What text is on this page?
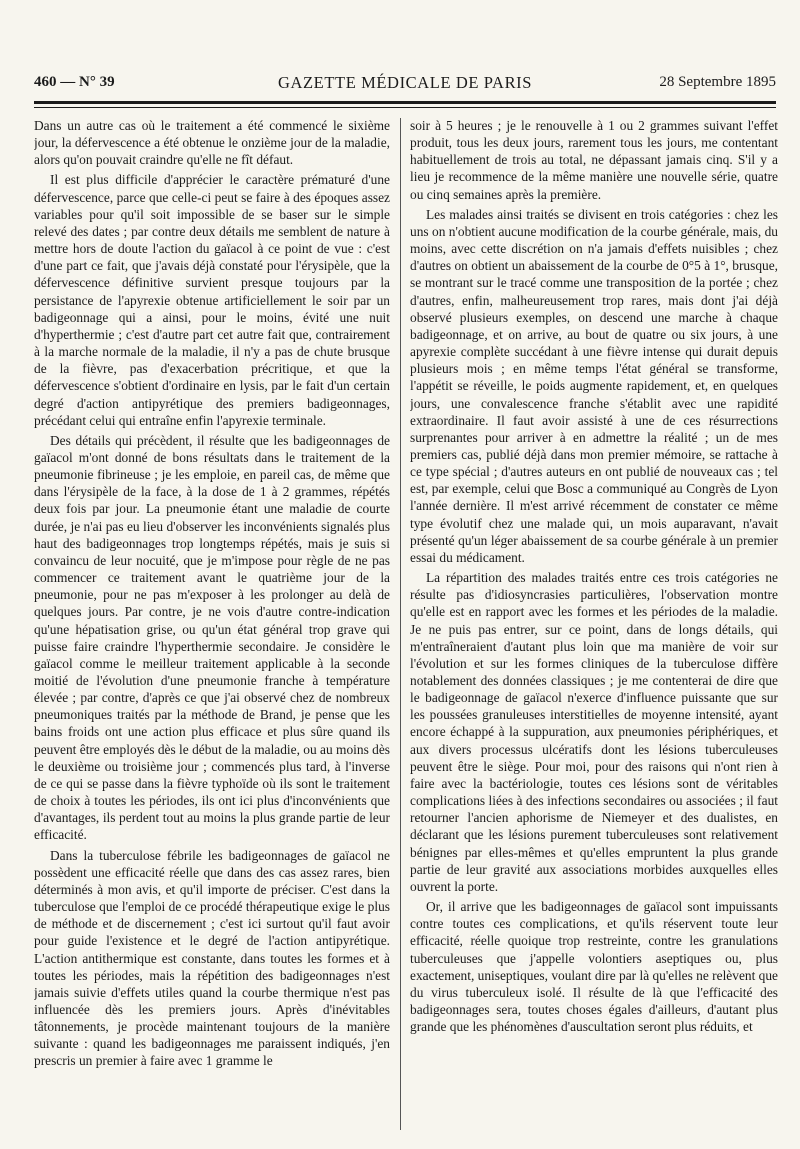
460 — N° 39	GAZETTE MÉDICALE DE PARIS	28 Septembre 1895

Dans un autre cas où le traitement a été commencé le sixième jour, la défervescence a été obtenue le onzième jour de la maladie, alors qu'on pouvait craindre qu'elle ne fît défaut.

Il est plus difficile d'apprécier le caractère prématuré d'une défervescence, parce que celle-ci peut se faire à des époques assez variables pour qu'il soit impossible de se baser sur le simple relevé des dates ; par contre deux détails me semblent de nature à mettre hors de doute l'action du gaïacol à ce point de vue : c'est d'une part ce fait, que j'avais déjà constaté pour l'érysipèle, que la défervescence définitive survient presque toujours par la persistance de l'apyrexie obtenue artificiellement le soir par un badigeonnage qui a ainsi, pour le moins, évité une nuit d'hyperthermie ; c'est d'autre part cet autre fait que, contrairement à la marche normale de la maladie, il n'y a pas de chute brusque de la fièvre, pas d'exacerbation précritique, et que la défervescence s'obtient d'ordinaire en lysis, par le fait d'un certain degré d'action antipyrétique des premiers badigeonnages, précédant celui qui entraîne enfin l'apyrexie terminale.

Des détails qui précèdent, il résulte que les badigeonnages de gaïacol m'ont donné de bons résultats dans le traitement de la pneumonie fibrineuse ; je les emploie, en pareil cas, de même que dans l'érysipèle de la face, à la dose de 1 à 2 grammes, répétés deux fois par jour. La pneumonie étant une maladie de courte durée, je n'ai pas eu lieu d'observer les inconvénients signalés plus haut des badigeonnages trop longtemps répétés, mais je suis si convaincu de leur nocuité, que je m'impose pour règle de ne pas commencer ce traitement avant le quatrième jour de la pneumonie, pour ne pas m'exposer à les prolonger au delà de quelques jours. Par contre, je ne vois d'autre contre-indication qu'une hépatisation grise, ou qu'un état général trop grave qui puisse faire craindre l'hyperthermie secondaire. Je considère le gaïacol comme le meilleur traitement applicable à la seconde moitié de l'évolution d'une pneumonie franche à température élevée ; par contre, d'après ce que j'ai observé chez de nombreux pneumoniques traités par la méthode de Brand, je pense que les bains froids ont une action plus efficace et plus sûre quand ils peuvent être employés dès le début de la maladie, ou au moins dès le deuxième ou troisième jour ; commencés plus tard, à l'inverse de ce qui se passe dans la fièvre typhoïde où ils sont le traitement de choix à toutes les périodes, ils ont ici plus d'inconvénients que d'avantages, ils perdent tout au moins la plus grande partie de leur efficacité.

Dans la tuberculose fébrile les badigeonnages de gaïacol ne possèdent une efficacité réelle que dans des cas assez rares, bien déterminés à mon avis, et qu'il importe de préciser. C'est dans la tuberculose que l'emploi de ce procédé thérapeutique exige le plus de méthode et de discernement ; c'est ici surtout qu'il faut avoir pour guide l'existence et le degré de l'action antipyrétique. L'action antithermique est constante, dans toutes les formes et à toutes les périodes, mais la répétition des badigeonnages n'est jamais suivie d'effets utiles quand la courbe thermique n'est pas influencée dès les premiers jours. Après d'inévitables tâtonnements, je procède maintenant toujours de la manière suivante : quand les badigeonnages me paraissent indiqués, j'en prescris un premier à faire avec 1 gramme le

soir à 5 heures ; je le renouvelle à 1 ou 2 grammes suivant l'effet produit, tous les deux jours, rarement tous les jours, me contentant habituellement de trois au total, ne dépassant jamais cinq. S'il y a lieu je recommence de la même manière une nouvelle série, quatre ou cinq semaines après la première.

Les malades ainsi traités se divisent en trois catégories : chez les uns on n'obtient aucune modification de la courbe générale, mais, du moins, avec cette discrétion on n'a jamais d'effets nuisibles ; chez d'autres on obtient un abaissement de la courbe de 0°5 à 1°, brusque, se montrant sur le tracé comme une transposition de la portée ; chez d'autres, enfin, malheureusement trop rares, mais dont j'ai déjà observé plusieurs exemples, on descend une marche à chaque badigeonnage, et on arrive, au bout de quatre ou six jours, à une apyrexie complète succédant à une fièvre intense qui durait depuis plusieurs mois ; en même temps l'état général se transforme, l'appétit se réveille, le poids augmente rapidement, et, en quelques jours, une convalescence franche s'établit avec une rapidité extraordinaire. Il faut avoir assisté à une de ces résurrections surprenantes pour arriver à en admettre la réalité ; un de mes premiers cas, publié déjà dans mon premier mémoire, se rattache à ce type spécial ; d'autres auteurs en ont publié de nouveaux cas ; tel est, par exemple, celui que Bosc a communiqué au Congrès de Lyon l'année dernière. Il m'est arrivé récemment de constater ce même type évolutif chez une malade qui, un mois auparavant, n'avait présenté qu'un léger abaissement de sa courbe générale à un premier essai du médicament.

La répartition des malades traités entre ces trois catégories ne résulte pas d'idiosyncrasies particulières, l'observation montre qu'elle est en rapport avec les formes et les périodes de la maladie. Je ne puis pas entrer, sur ce point, dans de longs détails, qui m'entraîneraient d'autant plus loin que ma manière de voir sur l'évolution et sur les formes cliniques de la tuberculose diffère notablement des données classiques ; je me contenterai de dire que le badigeonnage de gaïacol n'exerce d'influence puissante que sur les poussées granuleuses interstitielles de moyenne intensité, ayant encore échappé à la suppuration, aux pneumonies périphériques, et aux divers processus ulcératifs dont les lésions tuberculeuses peuvent être le siège. Pour moi, pour des raisons qui n'ont rien à faire avec la bactériologie, toutes ces lésions sont de véritables complications liées à des infections secondaires ou associées ; il faut retourner l'ancien aphorisme de Niemeyer et des dualistes, en déclarant que les lésions purement tuberculeuses sont relativement bénignes par elles-mêmes et qu'elles empruntent la plus grande partie de leur gravité aux associations morbides auxquelles elles ouvrent la porte.

Or, il arrive que les badigeonnages de gaïacol sont impuissants contre toutes ces complications, et qu'ils réservent toute leur efficacité, réelle quoique trop restreinte, contre les granulations tuberculeuses que j'appelle volontiers aseptiques ou, plus exactement, uniseptiques, voulant dire par là qu'elles ne relèvent que du virus tuberculeux isolé. Il résulte de là que l'efficacité des badigeonnages sera, toutes choses égales d'ailleurs, d'autant plus grande que les phénomènes d'auscultation seront plus réduits, et
